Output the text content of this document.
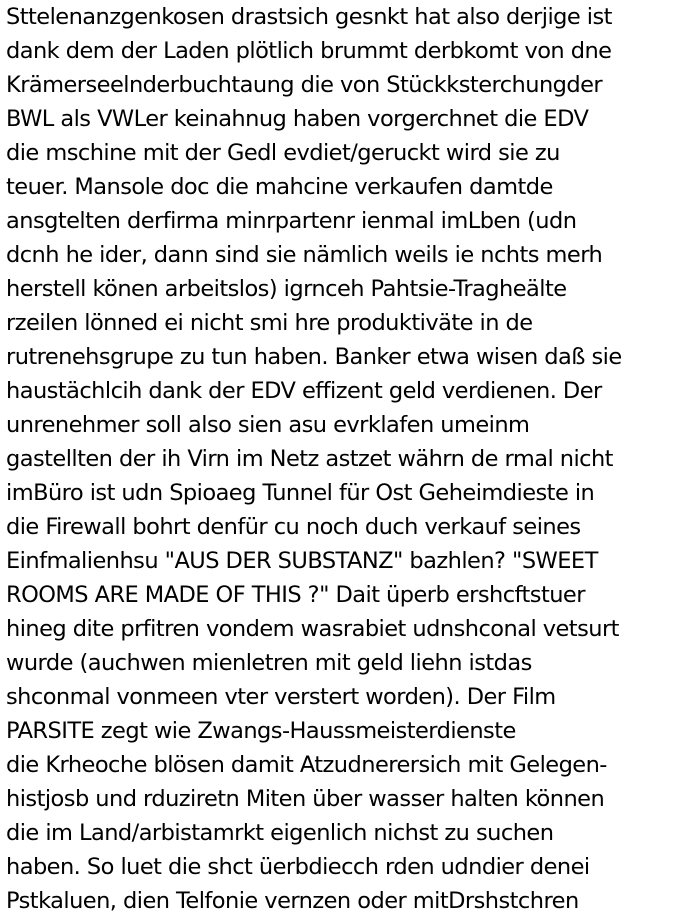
Sttelenanzgenkosen drastsich gesnkt hat also derjige ist
dank dem der Laden plötlich brummt derbkomt von dne
Krämerseelnderbuchtaung die von Stückksterchungder
BWL als VWLer keinahnug haben vorgerchnet die EDV
die mschine mit der Gedl evdiet/geruckt wird sie zu
teuer. Mansole doc die mahcine verkaufen damtde
ansgtelten derfirma minrpartenr ienmal imLben (udn
dcnh he ider, dann sind sie nämlich weils ie nchts merh
herstell könen arbeitslos) igrnceh Pahtsie-Tragheälte
rzeilen lönned ei nicht smi hre produktiväte in de
rutrenehsgrupe zu tun haben. Banker etwa wisen daß sie
haustächlcih dank der EDV effizent geld verdienen. Der
unrenehmer soll also sien asu evrklafen umeinm
gastellten der ih Virn im Netz astzet währn de rmal nicht
imBüro ist udn Spioaeg Tunnel für Ost Geheimdieste in
die Firewall bohrt denfür cu noch duch verkauf seines
Einfmalienhsu "AUS DER SUBSTANZ" bazhlen? "SWEET
ROOMS ARE MADE OF THIS ?" Dait üperb ershcftstuer
hineg dite prfitren vondem wasrabiet udnshconal vetsurt
wurde (auchwen mienletren mit geld liehn istdas
shconmal vonmeen vter verstert worden). Der Film
PARSITE zegt wie Zwangs-Haussmeisterdienste
die Krheoche blösen damit Atzudnerersich mit Gelegen-
histjosb und rduziretn Miten über wasser halten können
die im Land/arbistamrkt eigenlich nichst zu suchen
haben. So luet die shct üerbdiecch rden udndier denei
Pstkaluen, dien Telfonie vernzen oder mitDrshstchren
